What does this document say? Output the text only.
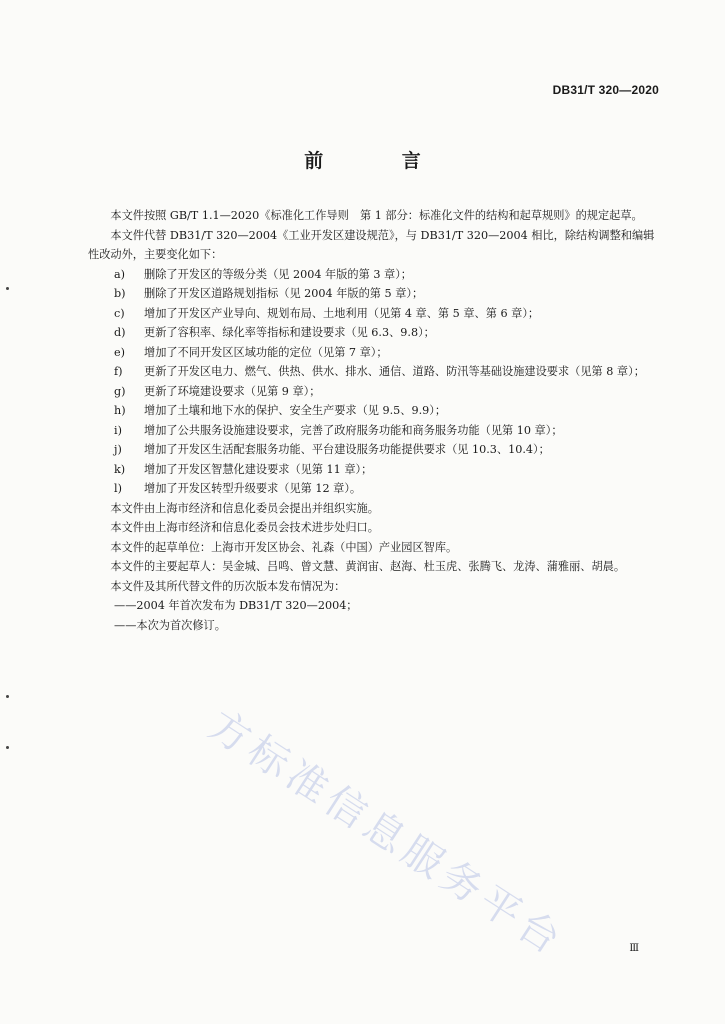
DB31/T 320—2020
前 言

本文件按照 GB/T 1.1—2020《标准化工作导则　第 1 部分：标准化文件的结构和起草规则》的规定起草。

本文件代替 DB31/T 320—2004《工业开发区建设规范》，与 DB31/T 320—2004 相比，除结构调整和编辑性改动外，主要变化如下：

a)	删除了开发区的等级分类（见 2004 年版的第 3 章）；

b)	删除了开发区道路规划指标（见 2004 年版的第 5 章）；

c)	增加了开发区产业导向、规划布局、土地利用（见第 4 章、第 5 章、第 6 章）；

d)	更新了容积率、绿化率等指标和建设要求（见 6.3、9.8）；

e)	增加了不同开发区区域功能的定位（见第 7 章）；

f)	更新了开发区电力、燃气、供热、供水、排水、通信、道路、防汛等基础设施建设要求（见第 8 章）；

g)	更新了环境建设要求（见第 9 章）；

h)	增加了土壤和地下水的保护、安全生产要求（见 9.5、9.9）；

i)	增加了公共服务设施建设要求，完善了政府服务功能和商务服务功能（见第 10 章）；

j)	增加了开发区生活配套服务功能、平台建设服务功能提供要求（见 10.3、10.4）；

k)	增加了开发区智慧化建设要求（见第 11 章）；

l)	增加了开发区转型升级要求（见第 12 章）。

本文件由上海市经济和信息化委员会提出并组织实施。

本文件由上海市经济和信息化委员会技术进步处归口。

本文件的起草单位：上海市开发区协会、礼森（中国）产业园区智库。

本文件的主要起草人：吴金城、吕鸣、曾文慧、黄润宙、赵海、杜玉虎、张腾飞、龙涛、蒲雅丽、胡晨。

本文件及其所代替文件的历次版本发布情况为：

——2004 年首次发布为 DB31/T 320—2004；

——本次为首次修订。

方标准信息服务平台	Ⅲ
